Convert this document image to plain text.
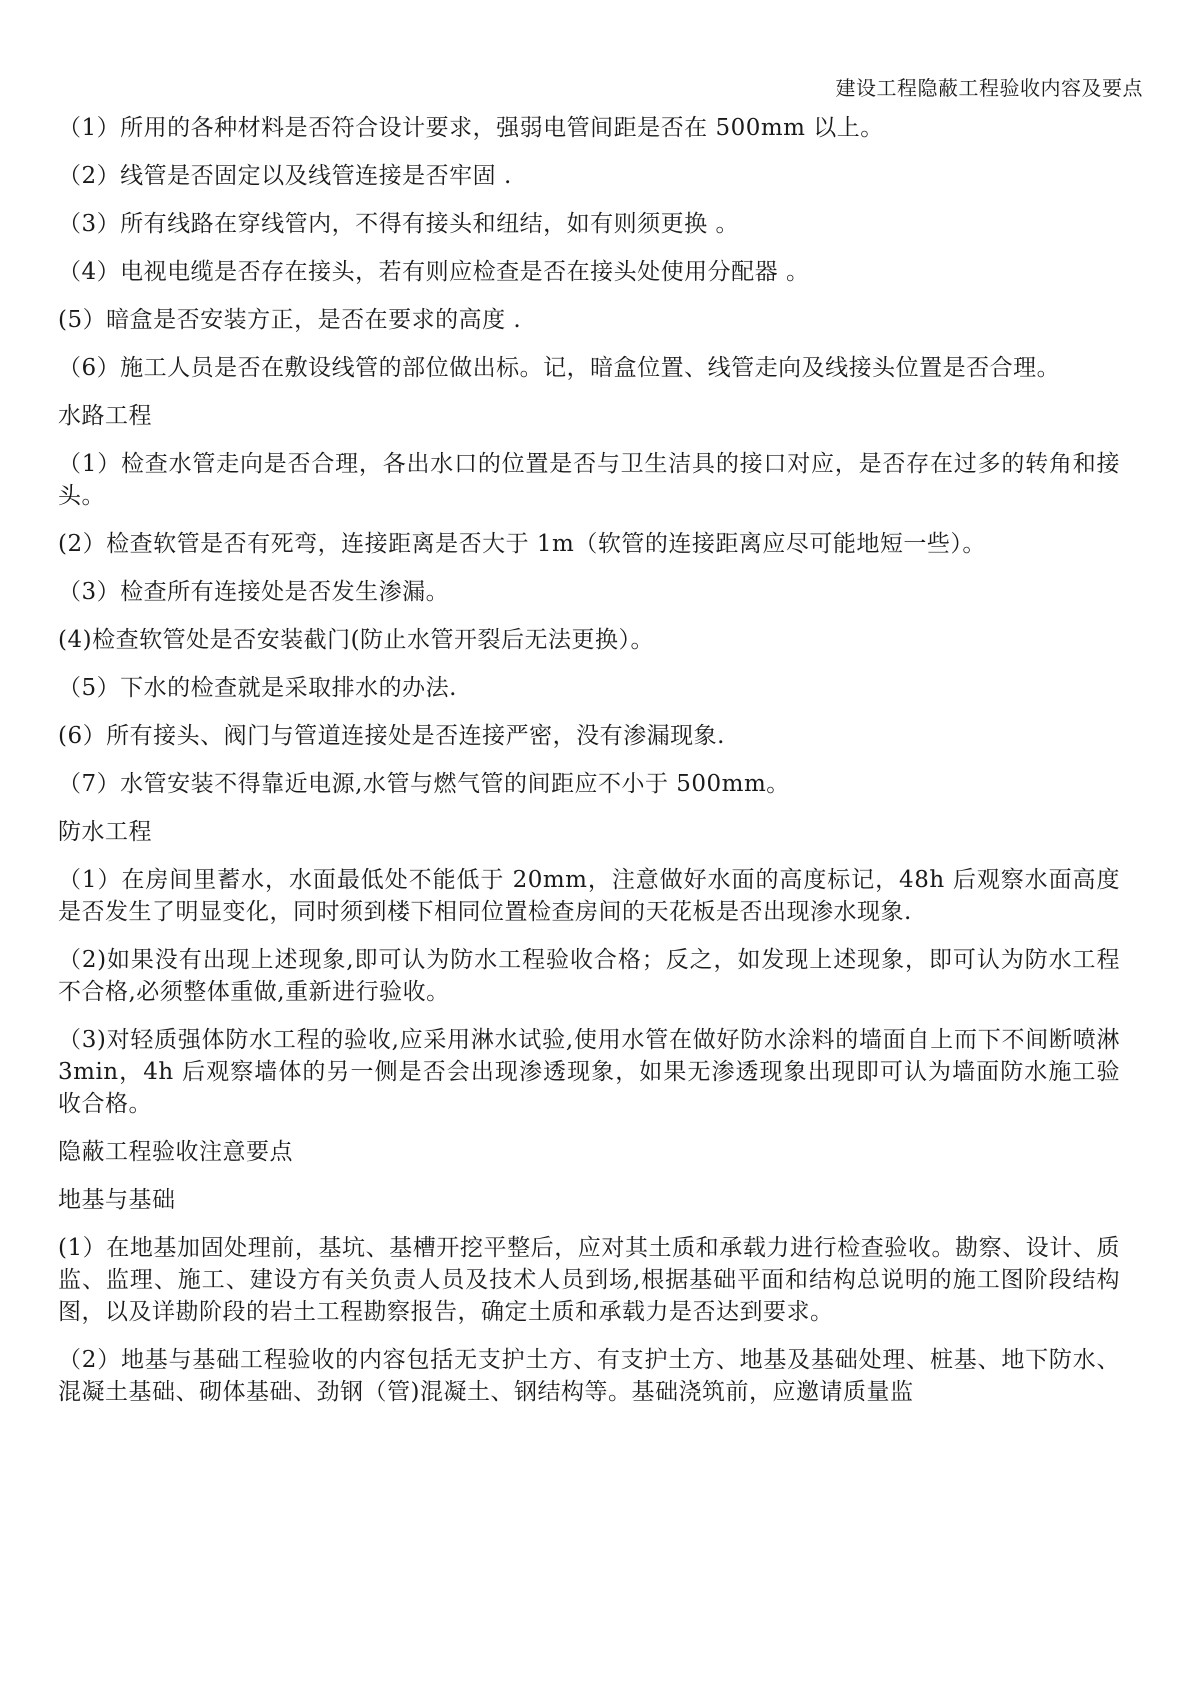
建设工程隐蔽工程验收内容及要点

（1）所用的各种材料是否符合设计要求，强弱电管间距是否在 500mm 以上。

（2）线管是否固定以及线管连接是否牢固 .

（3）所有线路在穿线管内，不得有接头和纽结，如有则须更换 。

（4）电视电缆是否存在接头，若有则应检查是否在接头处使用分配器 。

(5）暗盒是否安装方正，是否在要求的高度 .

（6）施工人员是否在敷设线管的部位做出标。记，暗盒位置、线管走向及线接头位置是否合理。

水路工程

（1）检查水管走向是否合理，各出水口的位置是否与卫生洁具的接口对应，是否存在过多的转角和接头。

(2）检查软管是否有死弯，连接距离是否大于 1m（软管的连接距离应尽可能地短一些）。

（3）检查所有连接处是否发生渗漏。

(4)检查软管处是否安装截门(防止水管开裂后无法更换）。

（5）下水的检查就是采取排水的办法.

(6）所有接头、阀门与管道连接处是否连接严密，没有渗漏现象.

（7）水管安装不得靠近电源,水管与燃气管的间距应不小于 500mm。

防水工程

（1）在房间里蓄水，水面最低处不能低于 20mm，注意做好水面的高度标记，48h 后观察水面高度是否发生了明显变化，同时须到楼下相同位置检查房间的天花板是否出现渗水现象.

（2)如果没有出现上述现象,即可认为防水工程验收合格；反之，如发现上述现象，即可认为防水工程不合格,必须整体重做,重新进行验收。

（3)对轻质强体防水工程的验收,应采用淋水试验,使用水管在做好防水涂料的墙面自上而下不间断喷淋 3min，4h 后观察墙体的另一侧是否会出现渗透现象，如果无渗透现象出现即可认为墙面防水施工验收合格。

隐蔽工程验收注意要点

地基与基础

(1）在地基加固处理前，基坑、基槽开挖平整后，应对其土质和承载力进行检查验收。勘察、设计、质监、监理、施工、建设方有关负责人员及技术人员到场,根据基础平面和结构总说明的施工图阶段结构图，以及详勘阶段的岩土工程勘察报告，确定土质和承载力是否达到要求。

（2）地基与基础工程验收的内容包括无支护土方、有支护土方、地基及基础处理、桩基、地下防水、混凝土基础、砌体基础、劲钢（管)混凝土、钢结构等。基础浇筑前，应邀请质量监
